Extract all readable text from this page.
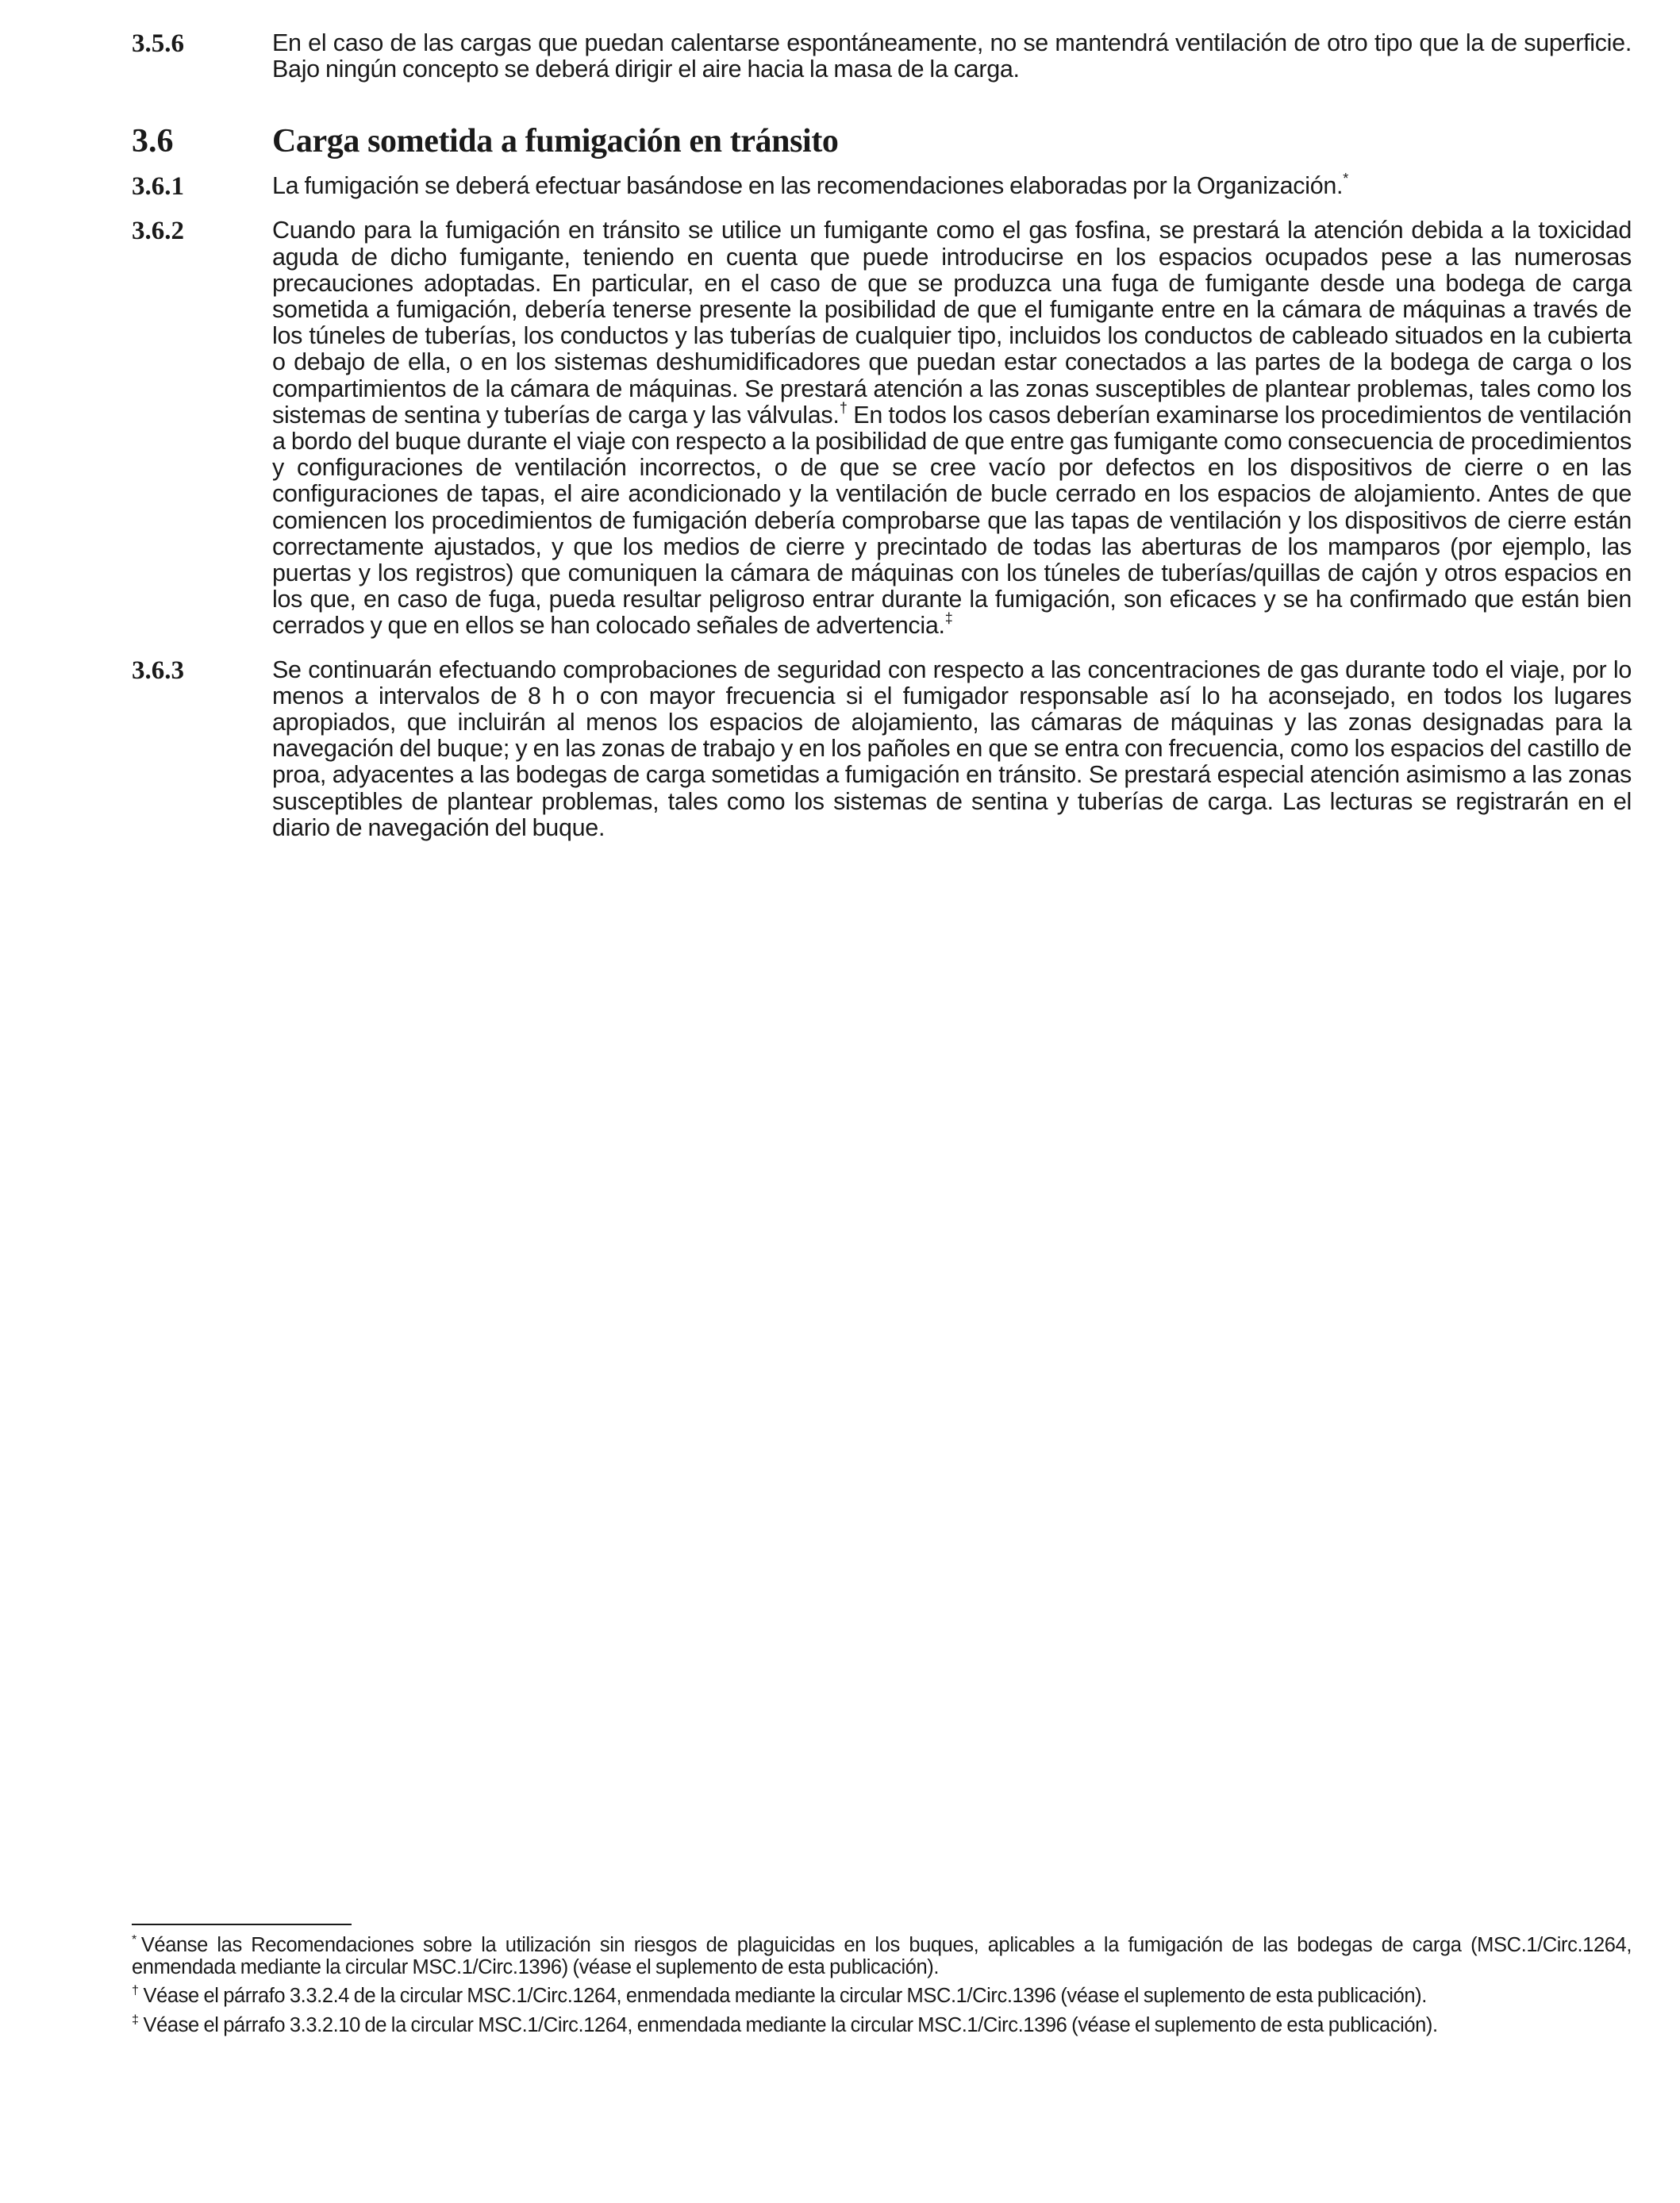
3.5.6	En el caso de las cargas que puedan calentarse espontáneamente, no se mantendrá ventilación de otro tipo que la de superficie. Bajo ningún concepto se deberá dirigir el aire hacia la masa de la carga.
3.6	Carga sometida a fumigación en tránsito
3.6.1	La fumigación se deberá efectuar basándose en las recomendaciones elaboradas por la Organización.*
3.6.2	Cuando para la fumigación en tránsito se utilice un fumigante como el gas fosfina, se prestará la atención debida a la toxicidad aguda de dicho fumigante, teniendo en cuenta que puede introducirse en los espacios ocupados pese a las numerosas precauciones adoptadas. En particular, en el caso de que se produzca una fuga de fumigante desde una bodega de carga sometida a fumigación, debería tenerse presente la posibilidad de que el fumigante entre en la cámara de máquinas a través de los túneles de tuberías, los conductos y las tuberías de cualquier tipo, incluidos los conductos de cableado situados en la cubierta o debajo de ella, o en los sistemas deshumidificadores que puedan estar conectados a las partes de la bodega de carga o los compartimientos de la cámara de máquinas. Se prestará atención a las zonas susceptibles de plantear problemas, tales como los sistemas de sentina y tuberías de carga y las válvulas.† En todos los casos deberían examinarse los procedimientos de ventilación a bordo del buque durante el viaje con respecto a la posibilidad de que entre gas fumigante como consecuencia de procedimientos y configuraciones de ventilación incorrectos, o de que se cree vacío por defectos en los dispositivos de cierre o en las configuraciones de tapas, el aire acondicionado y la ventilación de bucle cerrado en los espacios de alojamiento. Antes de que comiencen los procedimientos de fumigación debería comprobarse que las tapas de ventilación y los dispositivos de cierre están correctamente ajustados, y que los medios de cierre y precintado de todas las aberturas de los mamparos (por ejemplo, las puertas y los registros) que comuniquen la cámara de máquinas con los túneles de tuberías/quillas de cajón y otros espacios en los que, en caso de fuga, pueda resultar peligroso entrar durante la fumigación, son eficaces y se ha confirmado que están bien cerrados y que en ellos se han colocado señales de advertencia.‡
3.6.3	Se continuarán efectuando comprobaciones de seguridad con respecto a las concentraciones de gas durante todo el viaje, por lo menos a intervalos de 8 h o con mayor frecuencia si el fumigador responsable así lo ha aconsejado, en todos los lugares apropiados, que incluirán al menos los espacios de alojamiento, las cámaras de máquinas y las zonas designadas para la navegación del buque; y en las zonas de trabajo y en los pañoles en que se entra con frecuencia, como los espacios del castillo de proa, adyacentes a las bodegas de carga sometidas a fumigación en tránsito. Se prestará especial atención asimismo a las zonas susceptibles de plantear problemas, tales como los sistemas de sentina y tuberías de carga. Las lecturas se registrarán en el diario de navegación del buque.
* Véanse las Recomendaciones sobre la utilización sin riesgos de plaguicidas en los buques, aplicables a la fumigación de las bodegas de carga (MSC.1/Circ.1264, enmendada mediante la circular MSC.1/Circ.1396) (véase el suplemento de esta publicación).
† Véase el párrafo 3.3.2.4 de la circular MSC.1/Circ.1264, enmendada mediante la circular MSC.1/Circ.1396 (véase el suplemento de esta publicación).
‡ Véase el párrafo 3.3.2.10 de la circular MSC.1/Circ.1264, enmendada mediante la circular MSC.1/Circ.1396 (véase el suplemento de esta publicación).
